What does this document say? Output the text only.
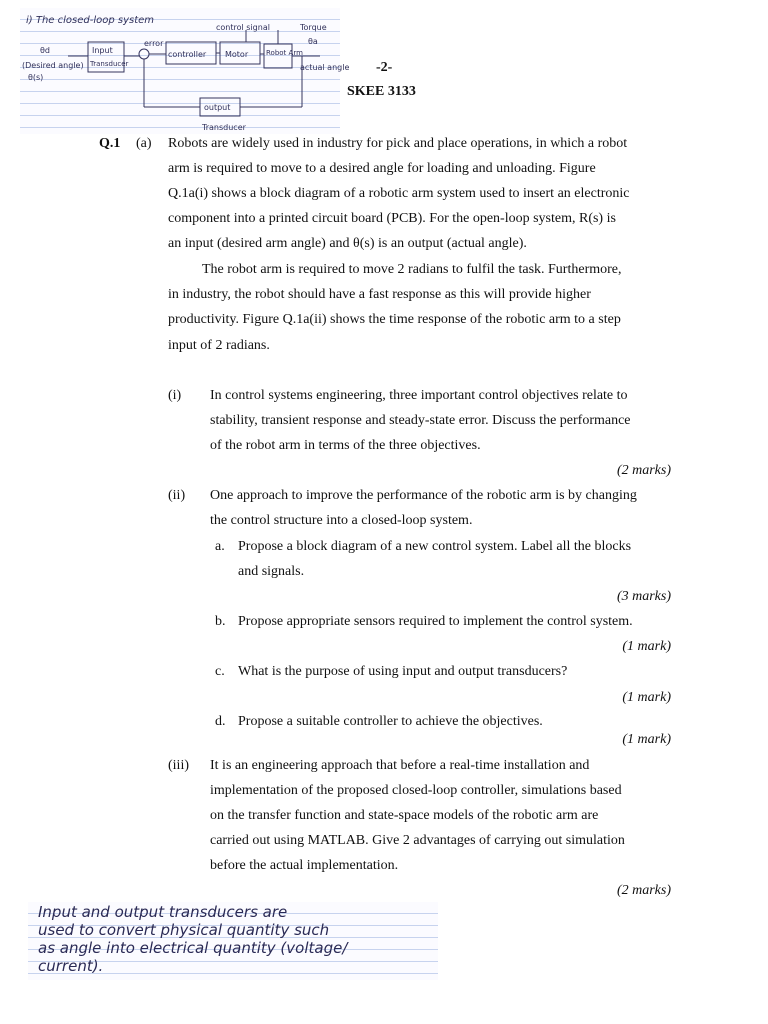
i) The closed-loop system
θd
(Desired angle)
θ(s)
Input
Transducer
error
controller Motor	Robot Arm
control signal	Torque
θa
actual angle
output
Transducer
-2-
SKEE 3133
Q.1 (a) Robots are widely used in industry for pick and place operations, in which a robot
arm is required to move to a desired angle for loading and unloading. Figure
Q.1a(i) shows a block diagram of a robotic arm system used to insert an electronic
component into a printed circuit board (PCB). For the open-loop system, R(s) is
an input (desired arm angle) and θ(s) is an output (actual angle).
The robot arm is required to move 2 radians to fulfil the task. Furthermore,
in industry, the robot should have a fast response as this will provide higher
productivity. Figure Q.1a(ii) shows the time response of the robotic arm to a step
input of 2 radians.
(i) In control systems engineering, three important control objectives relate to
stability, transient response and steady-state error. Discuss the performance
of the robot arm in terms of the three objectives.
(2 marks)
(ii) One approach to improve the performance of the robotic arm is by changing
the control structure into a closed-loop system.
a. Propose a block diagram of a new control system. Label all the blocks
and signals.
(3 marks)
b. Propose appropriate sensors required to implement the control system.
(1 mark)
c. What is the purpose of using input and output transducers?
(1 mark)
d. Propose a suitable controller to achieve the objectives.
(1 mark)
(iii) It is an engineering approach that before a real-time installation and
implementation of the proposed closed-loop controller, simulations based
on the transfer function and state-space models of the robotic arm are
carried out using MATLAB. Give 2 advantages of carrying out simulation
before the actual implementation.
(2 marks)
Input and output transducers are
used to convert physical quantity such
as angle into electrical quantity (voltage/
current).
